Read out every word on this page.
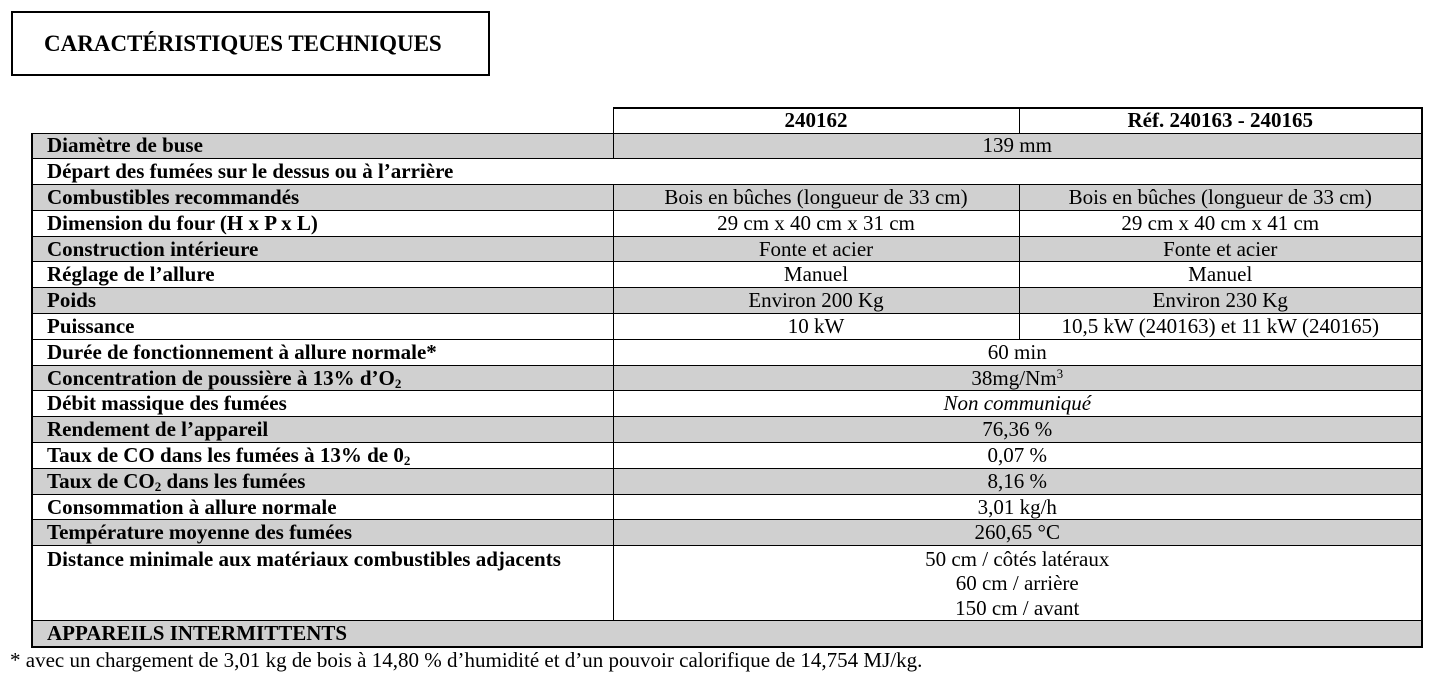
CARACTÉRISTIQUES TECHNIQUES
	240162	Réf. 240163 - 240165
Diamètre de buse	139 mm	
Départ des fumées sur le dessus ou à l’arrière		
Combustibles recommandés	Bois en bûches (longueur de 33 cm)	Bois en bûches (longueur de 33 cm)
Dimension du four (H x P x L)	29 cm x 40 cm x 31 cm	29 cm x 40 cm x 41 cm
Construction intérieure	Fonte et acier	Fonte et acier
Réglage de l’allure	Manuel	Manuel
Poids	Environ 200 Kg	Environ 230 Kg
Puissance	10 kW	10,5 kW (240163) et 11 kW (240165)
Durée de fonctionnement à allure normale*	60 min	
Concentration de poussière à 13% $d’O_2$	38mg/Nm$^3$
Débit massique des fumées	Non communiqué	
Rendement de l’appareil	76,36 %	
Taux de CO dans les fumées à 13% de $0_2$	0,07 %	
Taux de $CO_2$ dans les fumées	8,16 %	
Consommation à allure normale	3,01 kg/h	
Température moyenne des fumées	260,65 °C	
Distance minimale aux matériaux combustibles adjacents	50 cm / côtés latéraux
60 cm / arrière
150 cm / avant	

APPAREILS INTERMITTENTS		

* avec un chargement de 3,01 kg de bois à 14,80 % d’humidité et d’un pouvoir calorifique de 14,754 MJ/kg.
